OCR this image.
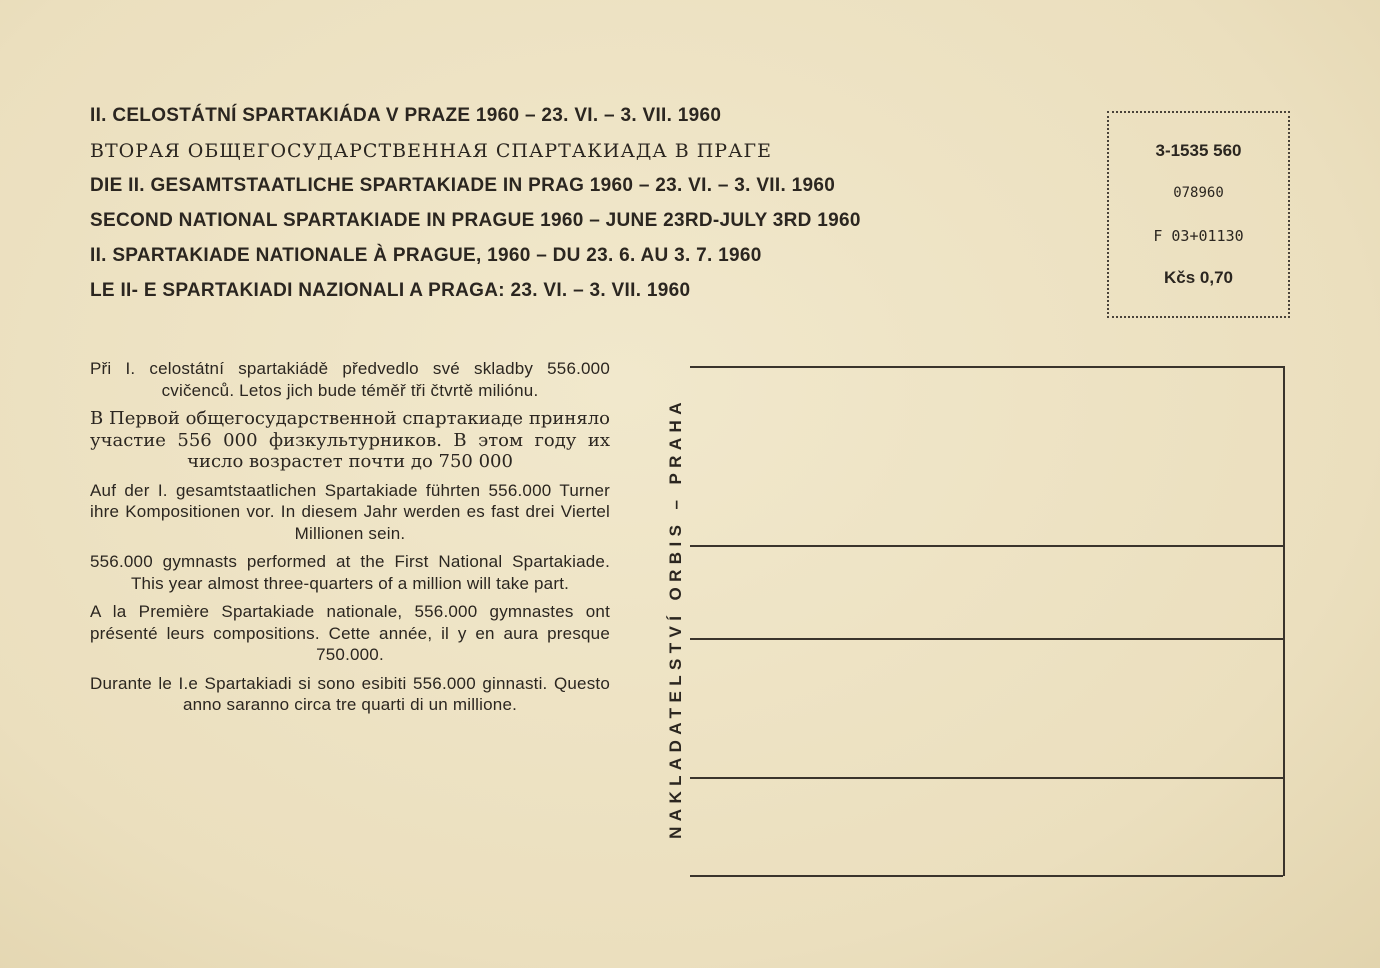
II. CELOSTÁTNÍ SPARTAKIÁDA V PRAZE 1960 – 23. VI. – 3. VII. 1960
ВТОРАЯ ОБЩЕГОСУДАРСТВЕННАЯ СПАРТАКИАДА В ПРАГЕ
DIE II. GESAMTSTAATLICHE SPARTAKIADE IN PRAG 1960 – 23. VI. – 3. VII. 1960
SECOND NATIONAL SPARTAKIADE IN PRAGUE 1960 – JUNE 23RD-JULY 3RD 1960
II. SPARTAKIADE NATIONALE À PRAGUE, 1960 – DU 23. 6. AU 3. 7. 1960
LE II- E SPARTAKIADI NAZIONALI A PRAGA: 23. VI. – 3. VII. 1960
3-1535 560
078960
F 03+01130
Kčs 0,70
Při I. celostátní spartakiádě předvedlo své skladby 556.000 cvičenců. Letos jich bude téměř tři čtvrtě miliónu.
В Первой общегосударственной спартакиаде приняло участие 556 000 физкультурников. В этом году их число возрастет почти до 750 000
Auf der I. gesamtstaatlichen Spartakiade führten 556.000 Turner ihre Kompositionen vor. In diesem Jahr werden es fast drei Viertel Millionen sein.
556.000 gymnasts performed at the First National Spartakiade. This year almost three-quarters of a million will take part.
A la Première Spartakiade nationale, 556.000 gymnastes ont présenté leurs compositions. Cette année, il y en aura presque 750.000.
Durante le I.e Spartakiadi si sono esibiti 556.000 ginnasti. Questo anno saranno circa tre quarti di un millione.	NAKLADATELSTVÍ ORBIS – PRAHA
